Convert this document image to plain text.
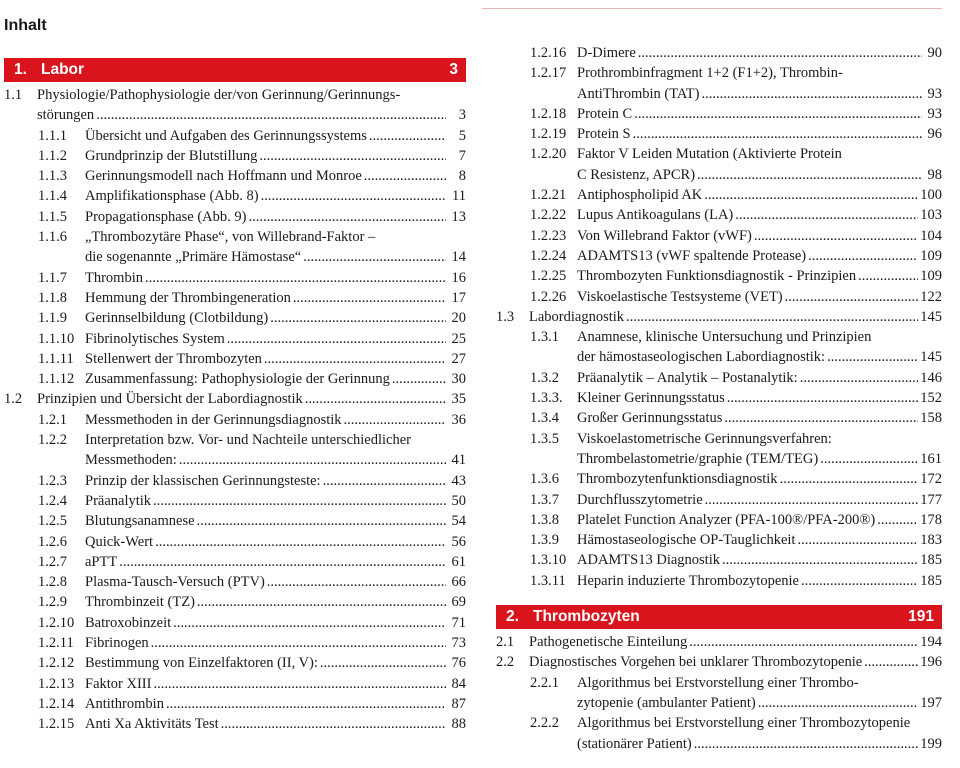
Inhalt
1. Labor	3
1.1 Physiologie/Pathophysiologie der/von Gerinnung/Gerinnungs-
störungen .....	3
1.1.1 Übersicht und Aufgaben des Gerinnungssystems .....	5
1.1.2 Grundprinzip der Blutstillung .....	7
1.1.3 Gerinnungsmodell nach Hoffmann und Monroe .....	8
1.1.4 Amplifikationsphase (Abb. 8) .....	11
1.1.5 Propagationsphase (Abb. 9) .....	13
1.1.6 „Thrombozytäre Phase“, von Willebrand-Faktor –
die sogenannte „Primäre Hämostase“ .....	14
1.1.7 Thrombin .....	16
1.1.8 Hemmung der Thrombingeneration .....	17
1.1.9 Gerinnselbildung (Clotbildung) .....	20
1.1.10 Fibrinolytisches System .....	25
1.1.11 Stellenwert der Thrombozyten .....	27
1.1.12 Zusammenfassung: Pathophysiologie der Gerinnung .....	30
1.2 Prinzipien und Übersicht der Labordiagnostik .....	35
1.2.1 Messmethoden in der Gerinnungsdiagnostik .....	36
1.2.2 Interpretation bzw. Vor- und Nachteile unterschiedlicher
Messmethoden: .....	41
1.2.3 Prinzip der klassischen Gerinnungsteste: .....	43
1.2.4 Präanalytik .....	50
1.2.5 Blutungsanamnese .....	54
1.2.6 Quick-Wert .....	56
1.2.7 aPTT .....	61
1.2.8 Plasma-Tausch-Versuch (PTV) .....	66
1.2.9 Thrombinzeit (TZ) .....	69
1.2.10 Batroxobinzeit .....	71
1.2.11 Fibrinogen .....	73
1.2.12 Bestimmung von Einzelfaktoren (II, V): .....	76
1.2.13 Faktor XIII .....	84
1.2.14 Antithrombin .....	87
1.2.15 Anti Xa Aktivitäts Test .....	88
1.2.16 D-Dimere .....	90
1.2.17 Prothrombinfragment 1+2 (F1+2), Thrombin-
AntiThrombin (TAT) .....	93
1.2.18 Protein C .....	93
1.2.19 Protein S .....	96
1.2.20 Faktor V Leiden Mutation (Aktivierte Protein
C Resistenz, APCR) .....	98
1.2.21 Antiphospholipid AK .....	100
1.2.22 Lupus Antikoagulans (LA) .....	103
1.2.23 Von Willebrand Faktor (vWF) .....	104
1.2.24 ADAMTS13 (vWF spaltende Protease) .....	109
1.2.25 Thrombozyten Funktionsdiagnostik - Prinzipien .....	109
1.2.26 Viskoelastische Testsysteme (VET) .....	122
1.3 Labordiagnostik .....	145
1.3.1 Anamnese, klinische Untersuchung und Prinzipien
der hämostaseologischen Labordiagnostik: .....	145
1.3.2 Präanalytik – Analytik – Postanalytik: .....	146
1.3.3. Kleiner Gerinnungsstatus .....	152
1.3.4 Großer Gerinnungsstatus .....	158
1.3.5 Viskoelastometrische Gerinnungsverfahren:
Thrombelastometrie/graphie (TEM/TEG) .....	161
1.3.6 Thrombozytenfunktionsdiagnostik .....	172
1.3.7 Durchflusszytometrie .....	177
1.3.8 Platelet Function Analyzer (PFA-100®/PFA-200®) .....	178
1.3.9 Hämostaseologische OP-Tauglichkeit .....	183
1.3.10 ADAMTS13 Diagnostik .....	185
1.3.11 Heparin induzierte Thrombozytopenie .....	185
2. Thrombozyten	191
2.1 Pathogenetische Einteilung .....	194
2.2 Diagnostisches Vorgehen bei unklarer Thrombozytopenie .....	196
2.2.1 Algorithmus bei Erstvorstellung einer Thrombo-
zytopenie (ambulanter Patient) .....	197
2.2.2 Algorithmus bei Erstvorstellung einer Thrombozytopenie
(stationärer Patient) .....	199
